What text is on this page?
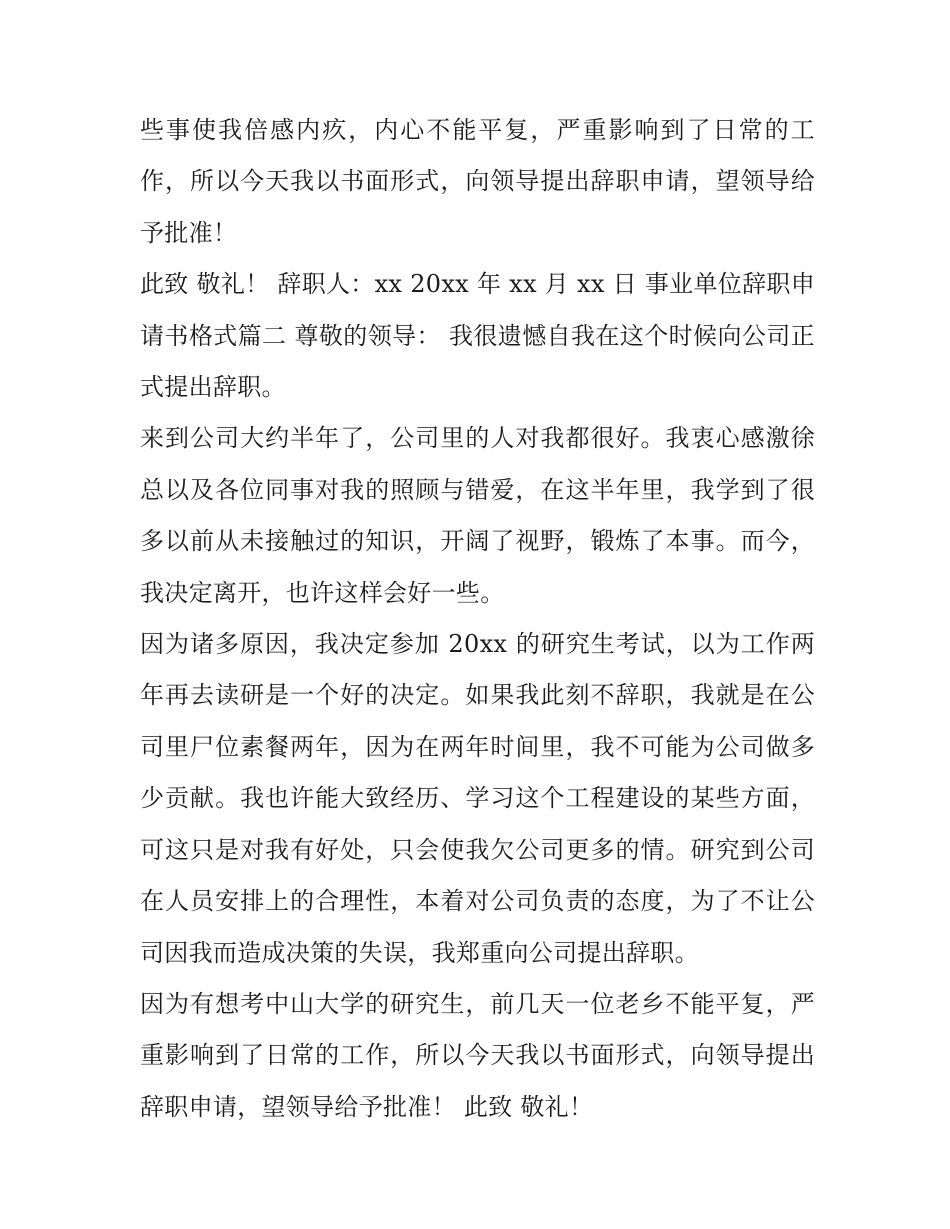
些事使我倍感内疚，内心不能平复，严重影响到了日常的工作，所以今天我以书面形式，向领导提出辞职申请，望领导给予批准！

此致 敬礼！ 辞职人：xx 20xx 年 xx 月 xx 日 事业单位辞职申请书格式篇二 尊敬的领导： 我很遗憾自我在这个时候向公司正式提出辞职。

来到公司大约半年了，公司里的人对我都很好。我衷心感激徐总以及各位同事对我的照顾与错爱，在这半年里，我学到了很多以前从未接触过的知识，开阔了视野，锻炼了本事。而今，我决定离开，也许这样会好一些。

因为诸多原因，我决定参加 20xx 的研究生考试，以为工作两年再去读研是一个好的决定。如果我此刻不辞职，我就是在公司里尸位素餐两年，因为在两年时间里，我不可能为公司做多少贡献。我也许能大致经历、学习这个工程建设的某些方面，可这只是对我有好处，只会使我欠公司更多的情。研究到公司在人员安排上的合理性，本着对公司负责的态度，为了不让公司因我而造成决策的失误，我郑重向公司提出辞职。

因为有想考中山大学的研究生，前几天一位老乡不能平复，严重影响到了日常的工作，所以今天我以书面形式，向领导提出辞职申请，望领导给予批准！ 此致 敬礼！
